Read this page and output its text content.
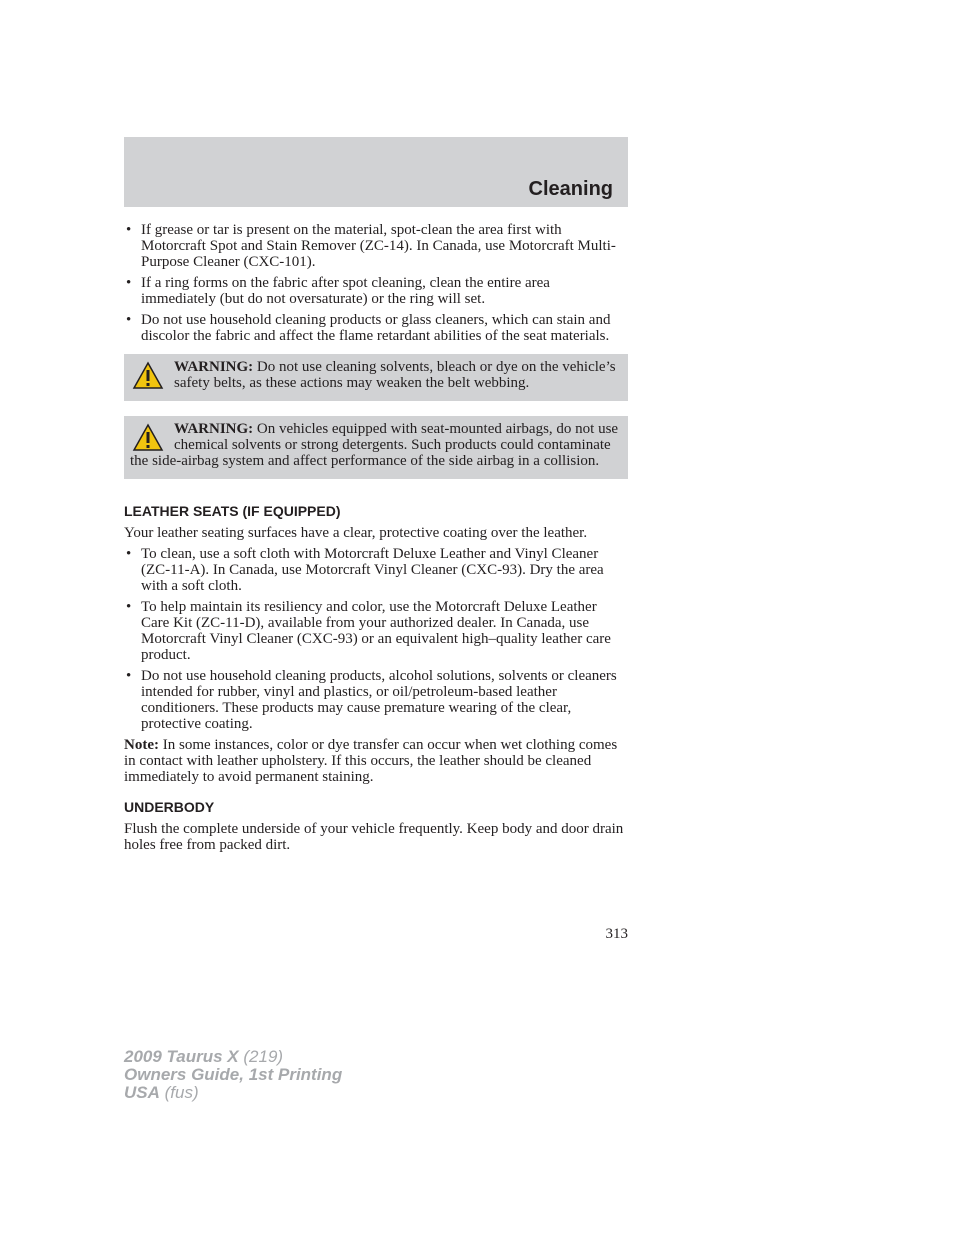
Cleaning
• If grease or tar is present on the material, spot-clean the area first with Motorcraft Spot and Stain Remover (ZC-14). In Canada, use Motorcraft Multi-Purpose Cleaner (CXC-101).
• If a ring forms on the fabric after spot cleaning, clean the entire area immediately (but do not oversaturate) or the ring will set.
• Do not use household cleaning products or glass cleaners, which can stain and discolor the fabric and affect the flame retardant abilities of the seat materials.
WARNING: Do not use cleaning solvents, bleach or dye on the vehicle’s safety belts, as these actions may weaken the belt webbing.
WARNING: On vehicles equipped with seat-mounted airbags, do not use chemical solvents or strong detergents. Such products could contaminate the side-airbag system and affect performance of the side airbag in a collision.
LEATHER SEATS (IF EQUIPPED)

Your leather seating surfaces have a clear, protective coating over the leather.

• To clean, use a soft cloth with Motorcraft Deluxe Leather and Vinyl Cleaner (ZC-11-A). In Canada, use Motorcraft Vinyl Cleaner (CXC-93). Dry the area with a soft cloth.
• To help maintain its resiliency and color, use the Motorcraft Deluxe Leather Care Kit (ZC-11-D), available from your authorized dealer. In Canada, use Motorcraft Vinyl Cleaner (CXC-93) or an equivalent high–quality leather care product.
• Do not use household cleaning products, alcohol solutions, solvents or cleaners intended for rubber, vinyl and plastics, or oil/petroleum-based leather conditioners. These products may cause premature wearing of the clear, protective coating.

Note: In some instances, color or dye transfer can occur when wet clothing comes in contact with leather upholstery. If this occurs, the leather should be cleaned immediately to avoid permanent staining.

UNDERBODY

Flush the complete underside of your vehicle frequently. Keep body and door drain holes free from packed dirt.

313
2009 Taurus X (219)
Owners Guide, 1st Printing
USA (fus)
